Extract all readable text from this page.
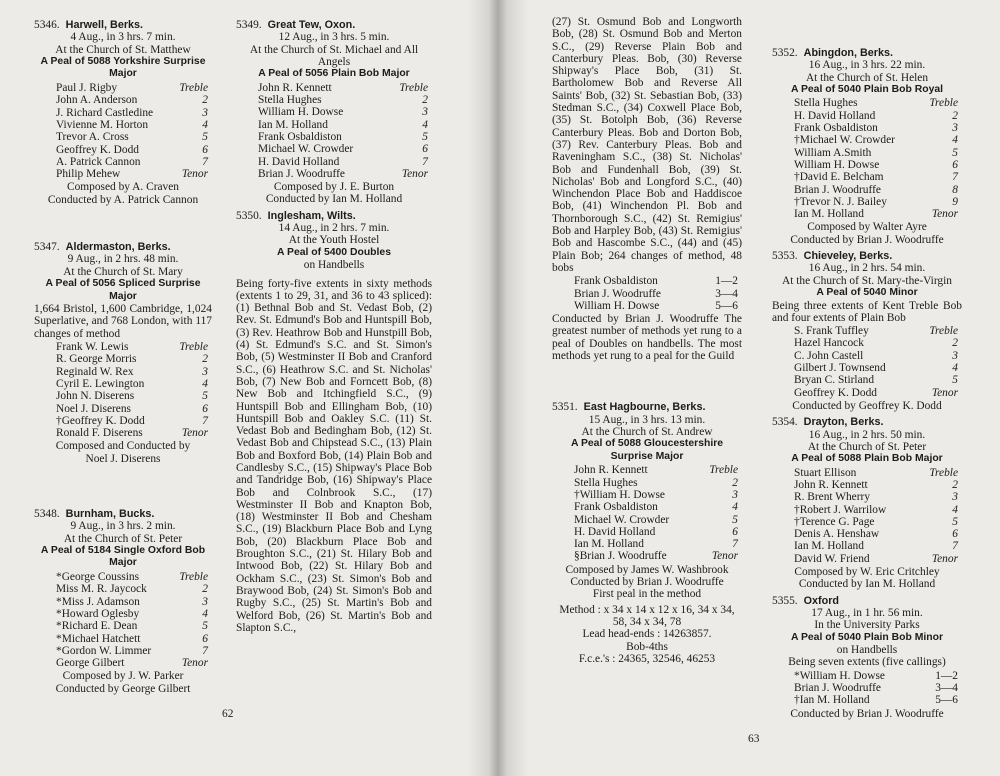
5346. Harwell, Berks.
4 Aug., in 3 hrs. 7 min.
At the Church of St. Matthew
A Peal of 5088 Yorkshire Surprise Major
Paul J. Rigby	Treble
John A. Anderson	2
J. Richard Castledine	3
Vivienne M. Horton	4
Trevor A. Cross	5
Geoffrey K. Dodd	6
A. Patrick Cannon	7
Philip Mehew	Tenor
Composed by A. Craven
Conducted by A. Patrick Cannon
5347. Aldermaston, Berks.
9 Aug., in 2 hrs. 48 min.
At the Church of St. Mary
A Peal of 5056 Spliced Surprise Major
1,664 Bristol, 1,600 Cambridge, 1,024 Superlative, and 768 London, with 117 changes of method
Frank W. Lewis	Treble
R. George Morris	2
Reginald W. Rex	3
Cyril E. Lewington	4
John N. Diserens	5
Noel J. Diserens	6
†Geoffrey K. Dodd	7
Ronald F. Diserens	Tenor
Composed and Conducted by
Noel J. Diserens
5348. Burnham, Bucks.
9 Aug., in 3 hrs. 2 min.
At the Church of St. Peter
A Peal of 5184 Single Oxford Bob Major
*George Coussins	Treble
Miss M. R. Jaycock	2
*Miss J. Adamson	3
*Howard Oglesby	4
*Richard E. Dean	5
*Michael Hatchett	6
*Gordon W. Limmer	7
George Gilbert	Tenor
Composed by J. W. Parker
Conducted by George Gilbert
5349. Great Tew, Oxon.
12 Aug., in 3 hrs. 5 min.
At the Church of St. Michael and All Angels
A Peal of 5056 Plain Bob Major
John R. Kennett	Treble
Stella Hughes	2
William H. Dowse	3
Ian M. Holland	4
Frank Osbaldiston	5
Michael W. Crowder	6
H. David Holland	7
Brian J. Woodruffe	Tenor
Composed by J. E. Burton
Conducted by Ian M. Holland
5350. Inglesham, Wilts.
14 Aug., in 2 hrs. 7 min.
At the Youth Hostel
A Peal of 5400 Doubles
on Handbells
Being forty-five extents in sixty methods (extents 1 to 29, 31, and 36 to 43 spliced): (1) Bethnal Bob and St. Vedast Bob, (2) Rev. St. Edmund's Bob and Huntspill Bob, (3) Rev. Heathrow Bob and Hunstpill Bob, (4) St. Edmund's S.C. and St. Simon's Bob, (5) Westminster II Bob and Cranford S.C., (6) Heathrow S.C. and St. Nicholas' Bob, (7) New Bob and Forncett Bob, (8) New Bob and Itchingfield S.C., (9) Huntspill Bob and Ellingham Bob, (10) Huntspill Bob and Oakley S.C. (11) St. Vedast Bob and Bedingham Bob, (12) St. Vedast Bob and Chipstead S.C., (13) Plain Bob and Boxford Bob, (14) Plain Bob and Candlesby S.C., (15) Shipway's Place Bob and Tandridge Bob, (16) Shipway's Place Bob and Colnbrook S.C., (17) Westminster II Bob and Knapton Bob, (18) Westminster II Bob and Chesham S.C., (19) Blackburn Place Bob and Lyng Bob, (20) Blackburn Place Bob and Broughton S.C., (21) St. Hilary Bob and Intwood Bob, (22) St. Hilary Bob and Ockham S.C., (23) St. Simon's Bob and Braywood Bob, (24) St. Simon's Bob and Rugby S.C., (25) St. Martin's Bob and Welford Bob, (26) St. Martin's Bob and Slapton S.C.,
62
(27) St. Osmund Bob and Longworth Bob, (28) St. Osmund Bob and Merton S.C., (29) Reverse Plain Bob and Canterbury Pleas. Bob, (30) Reverse Shipway's Place Bob, (31) St. Bartholomew Bob and Reverse All Saints' Bob, (32) St. Sebastian Bob, (33) Stedman S.C., (34) Coxwell Place Bob, (35) St. Botolph Bob, (36) Reverse Canterbury Pleas. Bob and Dorton Bob, (37) Rev. Canterbury Pleas. Bob and Raveningham S.C., (38) St. Nicholas' Bob and Fundenhall Bob, (39) St. Nicholas' Bob and Longford S.C., (40) Winchendon Place Bob and Haddiscoe Bob, (41) Winchendon Pl. Bob and Thornborough S.C., (42) St. Remigius' Bob and Harpley Bob, (43) St. Remigius' Bob and Hascombe S.C., (44) and (45) Plain Bob; 264 changes of method, 48 bobs
Frank Osbaldiston	1—2
Brian J. Woodruffe	3—4
William H. Dowse	5—6
Conducted by Brian J. Woodruffe The greatest number of methods yet rung to a peal of Doubles on handbells. The most methods yet rung to a peal for the Guild
5351. East Hagbourne, Berks.
15 Aug., in 3 hrs. 13 min.
At the Church of St. Andrew
A Peal of 5088 Gloucestershire Surprise Major
John R. Kennett	Treble
Stella Hughes	2
†William H. Dowse	3
Frank Osbaldiston	4
Michael W. Crowder	5
H. David Holland	6
Ian M. Holland	7
§Brian J. Woodruffe	Tenor
Composed by James W. Washbrook
Conducted by Brian J. Woodruffe
First peal in the method
Method : x 34 x 14 x 12 x 16, 34 x 34, 58, 34 x 34, 78
Lead head-ends : 14263857.
Bob-4ths
F.c.e.'s : 24365, 32546, 46253
63
5352. Abingdon, Berks.
16 Aug., in 3 hrs. 22 min.
At the Church of St. Helen
A Peal of 5040 Plain Bob Royal
Stella Hughes	Treble
H. David Holland	2
Frank Osbaldiston	3
†Michael W. Crowder	4
William A.Smith	5
William H. Dowse	6
†David E. Belcham	7
Brian J. Woodruffe	8
†Trevor N. J. Bailey	9
Ian M. Holland	Tenor
Composed by Walter Ayre
Conducted by Brian J. Woodruffe
5353. Chieveley, Berks.
16 Aug., in 2 hrs. 54 min.
At the Church of St. Mary-the-Virgin
A Peal of 5040 Minor
Being three extents of Kent Treble Bob and four extents of Plain Bob
S. Frank Tuffley	Treble
Hazel Hancock	2
C. John Castell	3
Gilbert J. Townsend	4
Bryan C. Stirland	5
Geoffrey K. Dodd	Tenor
Conducted by Geoffrey K. Dodd
5354. Drayton, Berks.
16 Aug., in 2 hrs. 50 min.
At the Church of St. Peter
A Peal of 5088 Plain Bob Major
Stuart Ellison	Treble
John R. Kennett	2
R. Brent Wherry	3
†Robert J. Warrilow	4
†Terence G. Page	5
Denis A. Henshaw	6
Ian M. Holland	7
David W. Friend	Tenor
Composed by W. Eric Critchley
Conducted by Ian M. Holland
5355. Oxford
17 Aug., in 1 hr. 56 min.
In the University Parks
A Peal of 5040 Plain Bob Minor
on Handbells
Being seven extents (five callings)
*William H. Dowse	1—2
Brian J. Woodruffe	3—4
†Ian M. Holland	5—6
Conducted by Brian J. Woodruffe
